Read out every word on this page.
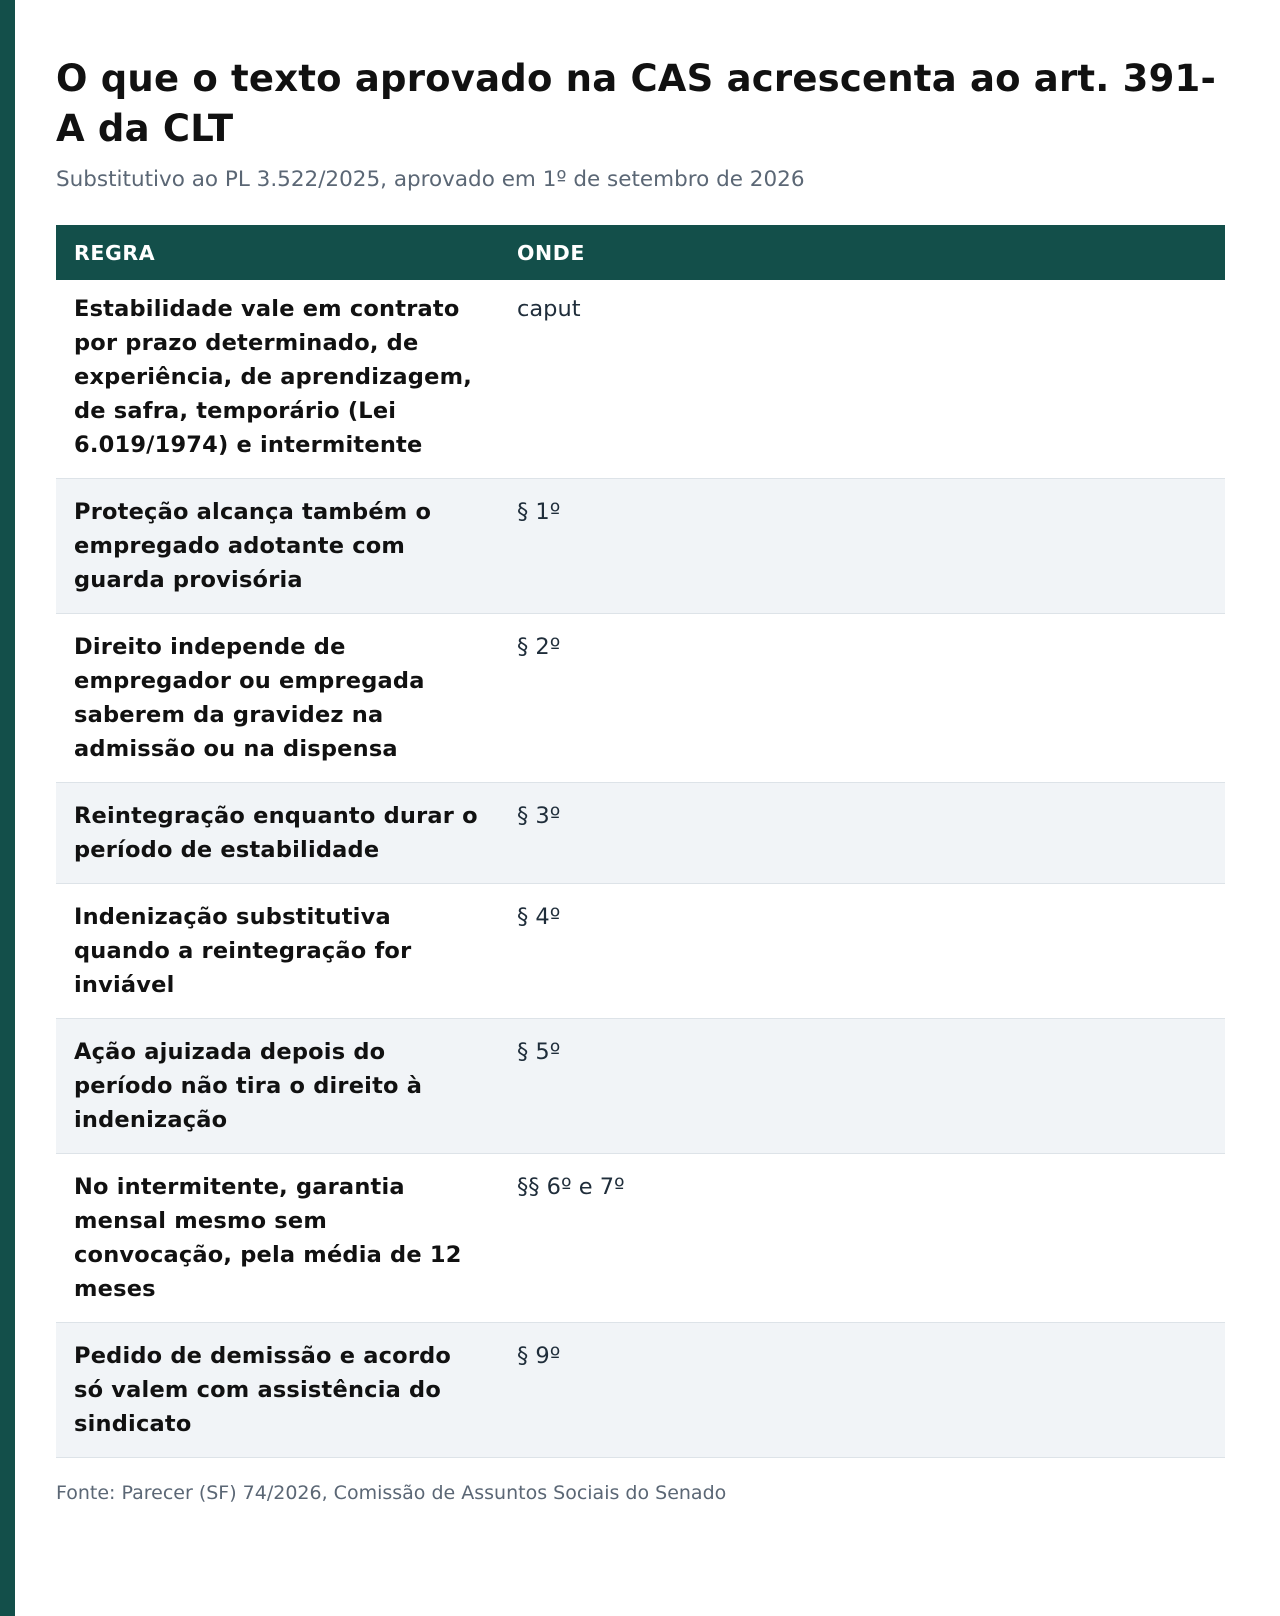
O que o texto aprovado na CAS acrescenta ao art. 391-A da CLT

Substitutivo ao PL 3.522/2025, aprovado em 1º de setembro de 2026

REGRA	ONDE
Estabilidade vale em contrato por prazo determinado, de experiência, de aprendizagem, de safra, temporário (Lei 6.019/1974) e intermitente	caput
Proteção alcança também o empregado adotante com guarda provisória	§ 1º
Direito independe de empregador ou empregada saberem da gravidez na admissão ou na dispensa	§ 2º
Reintegração enquanto durar o período de estabilidade	§ 3º
Indenização substitutiva quando a reintegração for inviável	§ 4º
Ação ajuizada depois do período não tira o direito à indenização	§ 5º
No intermitente, garantia mensal mesmo sem convocação, pela média de 12 meses	§§ 6º e 7º
Pedido de demissão e acordo só valem com assistência do sindicato	§ 9º
Fonte: Parecer (SF) 74/2026, Comissão de Assuntos Sociais do Senado
